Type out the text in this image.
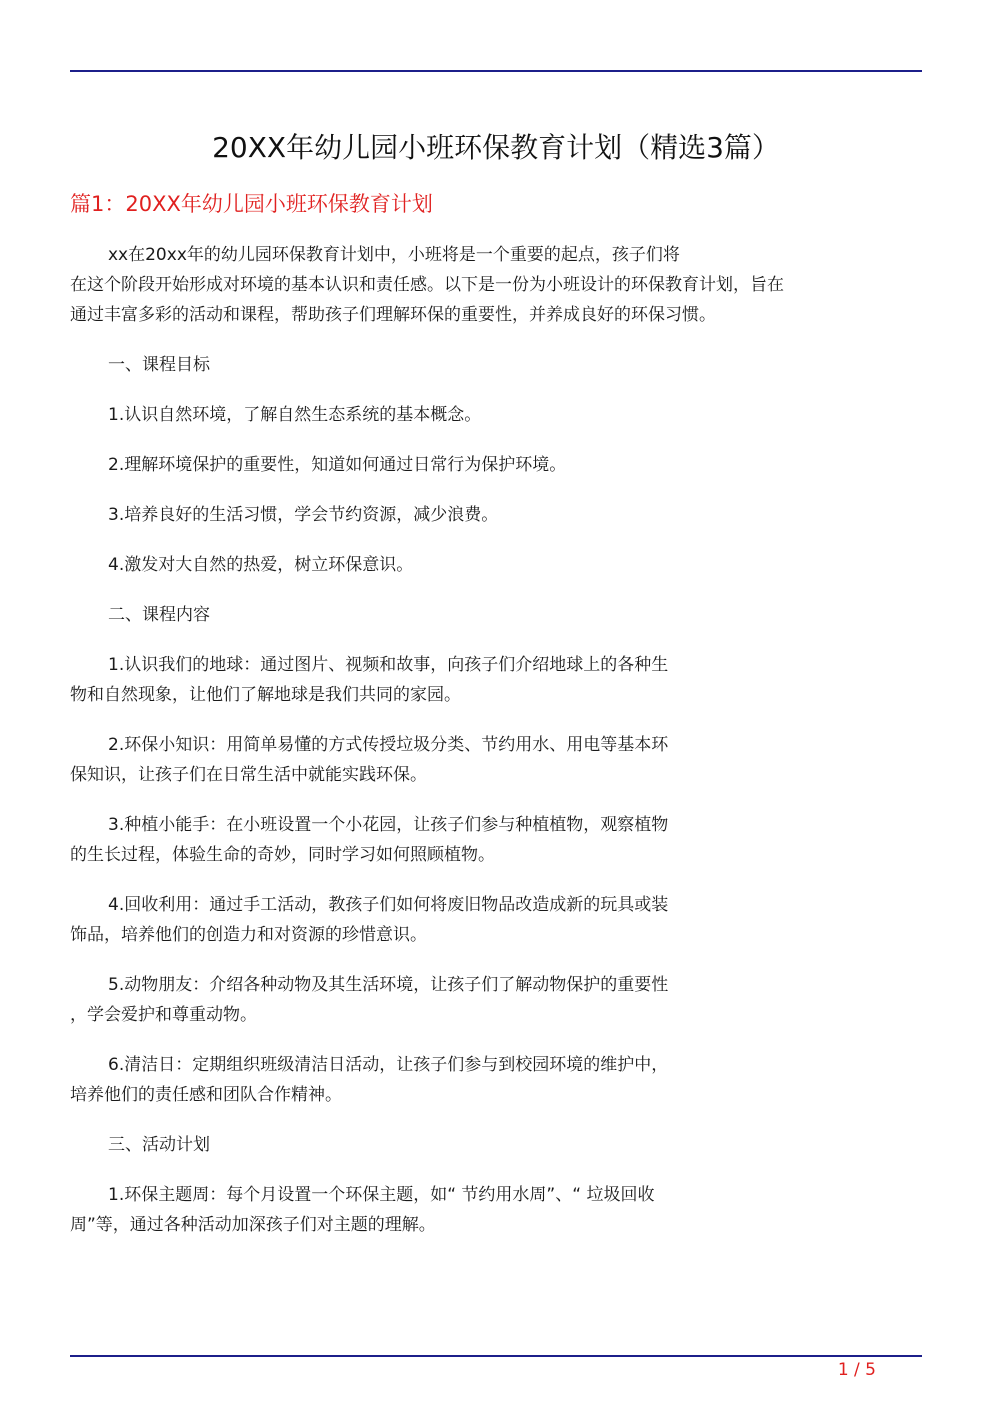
20XX年幼儿园小班环保教育计划（精选3篇）
篇1：20XX年幼儿园小班环保教育计划
xx在20xx年的幼儿园环保教育计划中，小班将是一个重要的起点，孩子们将
在这个阶段开始形成对环境的基本认识和责任感。以下是一份为小班设计的环保教育计划，旨在
通过丰富多彩的活动和课程，帮助孩子们理解环保的重要性，并养成良好的环保习惯。
一、课程目标
1.认识自然环境，了解自然生态系统的基本概念。
2.理解环境保护的重要性，知道如何通过日常行为保护环境。
3.培养良好的生活习惯，学会节约资源，减少浪费。
4.激发对大自然的热爱，树立环保意识。
二、课程内容
1.认识我们的地球：通过图片、视频和故事，向孩子们介绍地球上的各种生
物和自然现象，让他们了解地球是我们共同的家园。
2.环保小知识：用简单易懂的方式传授垃圾分类、节约用水、用电等基本环
保知识，让孩子们在日常生活中就能实践环保。
3.种植小能手：在小班设置一个小花园，让孩子们参与种植植物，观察植物
的生长过程，体验生命的奇妙，同时学习如何照顾植物。
4.回收利用：通过手工活动，教孩子们如何将废旧物品改造成新的玩具或装
饰品，培养他们的创造力和对资源的珍惜意识。
5.动物朋友：介绍各种动物及其生活环境，让孩子们了解动物保护的重要性
，学会爱护和尊重动物。
6.清洁日：定期组织班级清洁日活动，让孩子们参与到校园环境的维护中，
培养他们的责任感和团队合作精神。
三、活动计划
1.环保主题周：每个月设置一个环保主题，如“ 节约用水周”、“ 垃圾回收
周”等，通过各种活动加深孩子们对主题的理解。
1 / 5
